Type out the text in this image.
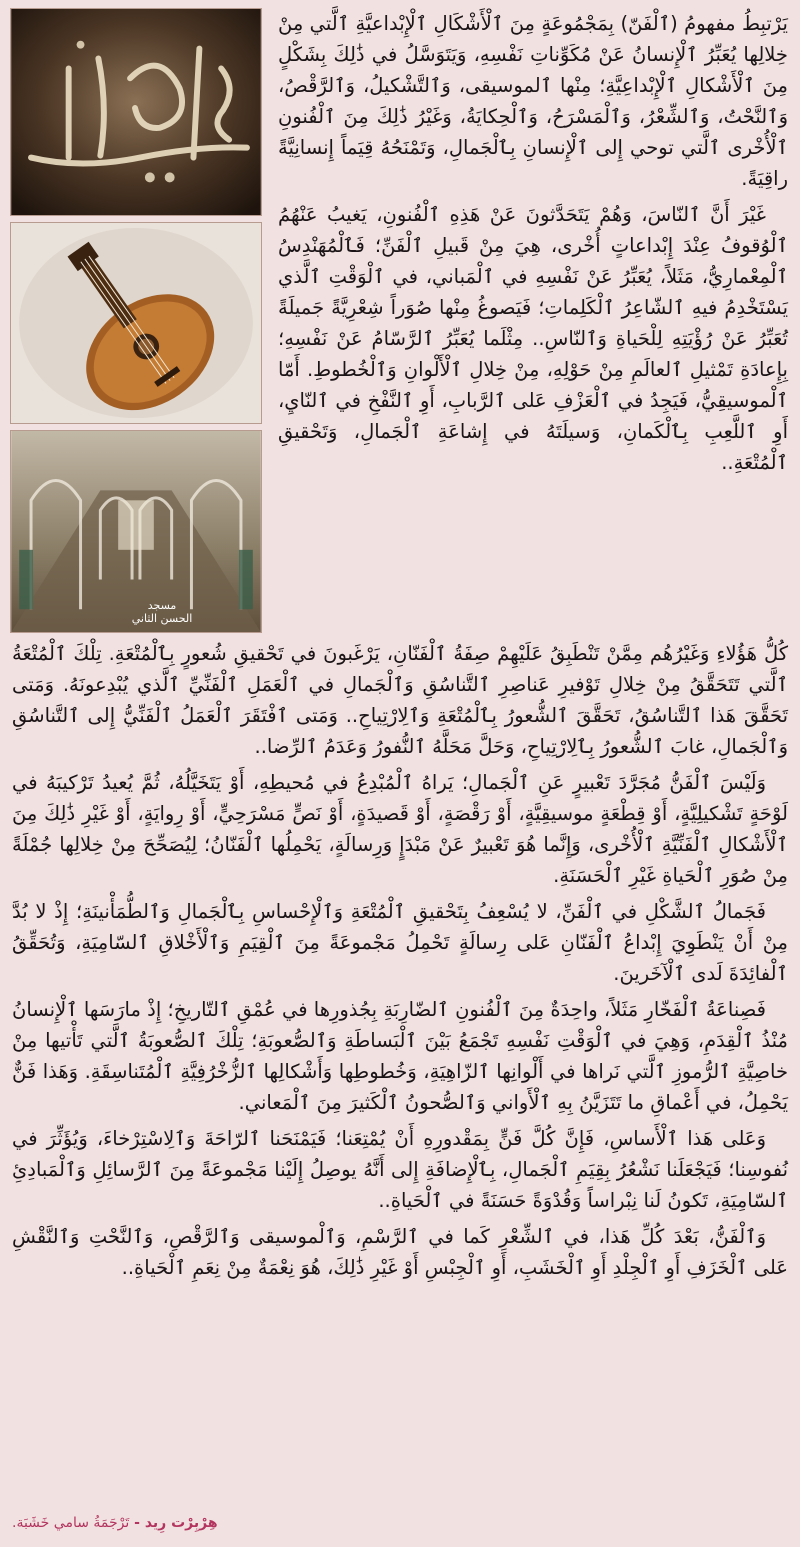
مسجد
الحسن الثاني

يَرْتبِطُ مفهومُ (ٱلْفَنّ) بِمَجْمُوعَةٍ مِنَ ٱلْأَشْكَالِ ٱلْإِبْداعيَّةِ ٱلَّتي مِنْ خِلالِها يُعَبِّرُ ٱلْإِنسانُ عَنْ مُكَوِّناتِ نَفْسِهِ، وَيَتَوَسَّلُ في ذَٰلِكَ بِشَكْلٍ مِنَ ٱلْأَشْكالِ ٱلْإِبْداعِيَّةِ؛ مِنْها ٱلموسيقى، وَٱلتَّشْكيلُ، وَٱلرَّقْصُ، وَٱلنَّحْتُ، وَٱلشِّعْرُ، وَٱلْمَسْرَحُ، وَٱلْحِكايَةُ، وَغَيْرُ ذَٰلِكَ مِنَ ٱلْفُنونِ ٱلْأُخْرى ٱلَّتي توحي إِلى ٱلْإِنسانِ بِٱلْجَمالِ، وَتَمْنَحُهُ قِيَماً إِنسانِيَّةً راقِيَةً.

غَيْرَ أَنَّ ٱلنّاسَ، وَهُمْ يَتَحَدَّثونَ عَنْ هَذِهِ ٱلْفُنونِ، يَغيبُ عَنْهُمُ ٱلْوُقوفُ عِنْدَ إِبْداعاتٍ أُخْرى، هِيَ مِنْ قَبيلِ ٱلْفَنِّ؛ فَٱلْمُهَنْدِسُ ٱلْمِعْمارِيُّ، مَثَلاً، يُعَبِّرُ عَنْ نَفْسِهِ في ٱلْمَباني، في ٱلْوَقْتِ ٱلَّذي يَسْتَخْدِمُ فيهِ ٱلشّاعِرُ ٱلْكَلِماتِ؛ فَيَصوغُ مِنْها صُوَراً شِعْرِيَّةً جَميلَةً تُعَبِّرُ عَنْ رُؤْيَتِهِ لِلْحَياةِ وَٱلنّاسِ.. مِثْلَما يُعَبِّرُ ٱلرَّسّامُ عَنْ نَفْسِهِ؛ بِإِعادَةِ تَمْثيلِ ٱلعالَمِ مِنْ حَوْلِهِ، مِنْ خِلالِ ٱلْأَلْوانِ وَٱلْخُطوطِ. أَمّا ٱلْموسيقِيُّ، فَيَجِدُ في ٱلْعَزْفِ عَلى ٱلرَّبابِ، أَوِ ٱلنَّفْخِ في ٱلنّايِ، أَوِ ٱللَّعِبِ بِٱلْكَمانِ، وَسيلَتَهُ في إِشاعَةِ ٱلْجَمالِ، وَتَحْقيقِ ٱلْمُتْعَةِ..

كُلُّ هَؤُلاءِ وَغَيْرُهُم مِمَّنْ تَنْطَبِقُ عَلَيْهِمْ صِفَةُ ٱلْفَنّانِ، يَرْغَبونَ في تَحْقيقِ شُعورٍ بِٱلْمُتْعَةِ. تِلْكَ ٱلْمُتْعَةُ ٱلَّتي تَتَحَقَّقُ مِنْ خِلالِ تَوْفيرِ عَناصِرِ ٱلتَّناسُقِ وَٱلْجَمالِ في ٱلْعَمَلِ ٱلْفَنِّيِّ ٱلَّذي يُبْدِعونَهُ. وَمَتى تَحَقَّقَ هَذا ٱلتَّناسُقُ، تَحَقَّقَ ٱلشُّعورُ بِٱلْمُتْعَةِ وَٱلِارْتِياحِ.. وَمَتى ٱفْتَقَرَ ٱلْعَمَلُ ٱلْفَنِّيُّ إِلى ٱلتَّناسُقِ وَٱلْجَمالِ، غابَ ٱلشُّعورُ بِٱلِارْتِياحِ، وَحَلَّ مَحَلَّهُ ٱلنُّفورُ وَعَدَمُ ٱلرِّضا..

وَلَيْسَ ٱلْفَنُّ مُجَرَّدَ تَعْبيرٍ عَنِ ٱلْجَمالِ؛ يَراهُ ٱلْمُبْدِعُ في مُحيطِهِ، أَوْ يَتَخَيَّلُهُ، ثُمَّ يُعيدُ تَرْكيبَهُ في لَوْحَةٍ تَشْكيلِيَّةٍ، أَوْ قِطْعَةٍ موسيقِيَّةٍ، أَوْ رَقْصَةٍ، أَوْ قَصيدَةٍ، أَوْ نَصٍّ مَسْرَحِيٍّ، أَوْ رِوايَةٍ، أَوْ غَيْرِ ذَٰلِكَ مِنَ ٱلْأَشْكالِ ٱلْفَنِّيَّةِ ٱلْأُخْرى، وَإِنَّما هُوَ تَعْبيرٌ عَنْ مَبْدَإٍ وَرِسالَةٍ، يَحْمِلُها ٱلْفَنّانُ؛ لِيُصَحِّحَ مِنْ خِلالِها جُمْلَةً مِنْ صُوَرِ ٱلْحَياةِ غَيْرِ ٱلْحَسَنَةِ.

فَجَمالُ ٱلشَّكْلِ في ٱلْفَنِّ، لا يُسْعِفُ بِتَحْقيقِ ٱلْمُتْعَةِ وَٱلْإِحْساسِ بِٱلْجَمالِ وَٱلطُّمَأْنينَةِ؛ إِذْ لا بُدَّ مِنْ أَنْ يَنْطَوِيَ إِبْداعُ ٱلْفَنّانِ عَلى رِسالَةٍ تَحْمِلُ مَجْموعَةً مِنَ ٱلْقِيَمِ وَٱلْأَخْلاقِ ٱلسّامِيَةِ، وَتُحَقِّقُ ٱلْفائِدَةَ لَدى ٱلْآخَرينَ.

فَصِناعَةُ ٱلْفَخّارِ مَثَلاً، واحِدَةٌ مِنَ ٱلْفُنونِ ٱلضّارِبَةِ بِجُذورِها في عُمْقِ ٱلتّاريخِ؛ إِذْ مارَسَها ٱلْإِنسانُ مُنْذُ ٱلْقِدَمِ، وَهِيَ في ٱلْوَقْتِ نَفْسِهِ تَجْمَعُ بَيْنَ ٱلْبَساطَةِ وَٱلصُّعوبَةِ؛ تِلْكَ ٱلصُّعوبَةُ ٱلَّتي تَأْتيها مِنْ خاصِيَّةِ ٱلرُّموزِ ٱلَّتي نَراها في أَلْوانِها ٱلزّاهِيَةِ، وَخُطوطِها وَأَشْكالِها ٱلزُّخْرُفِيَّةِ ٱلْمُتَناسِقَةِ. وَهَذا فَنٌّ يَحْمِلُ، في أَعْماقِ ما تَتَزَيَّنُ بِهِ ٱلْأَواني وَٱلصُّحونُ ٱلْكَثيرَ مِنَ ٱلْمَعاني.

وَعَلى هَذا ٱلْأَساسِ، فَإِنَّ كُلَّ فَنٍّ بِمَقْدورِهِ أَنْ يُمْتِعَنا؛ فَيَمْنَحَنا ٱلرّاحَةَ وَٱلِاسْتِرْخاءَ، وَيُؤَثِّرَ في نُفوسِنا؛ فَيَجْعَلَنا نَشْعُرُ بِقِيَمِ ٱلْجَمالِ، بِٱلْإِضافَةِ إِلى أَنَّهُ يوصِلُ إِلَيْنا مَجْموعَةً مِنَ ٱلرَّسائِلِ وَٱلْمَبادِئِ ٱلسّامِيَةِ، تَكونُ لَنا نِبْراساً وَقُدْوَةً حَسَنَةً في ٱلْحَياةِ..

وَٱلْفَنُّ، بَعْدَ كُلِّ هَذا، في ٱلشِّعْرِ كَما في ٱلرَّسْمِ، وَٱلْموسيقى وَٱلرَّقْصِ، وَٱلنَّحْتِ وَٱلنَّقْشِ عَلى ٱلْخَزَفِ أَوِ ٱلْجِلْدِ أَوِ ٱلْخَشَبِ، أَوِ ٱلْجِبْسِ أَوْ غَيْرِ ذَٰلِكَ، هُوَ نِعْمَةٌ مِنْ نِعَمِ ٱلْحَياةِ..

هِرْبِرْت رِيد - تَرْجَمَةُ سامي خَشَبَة.
